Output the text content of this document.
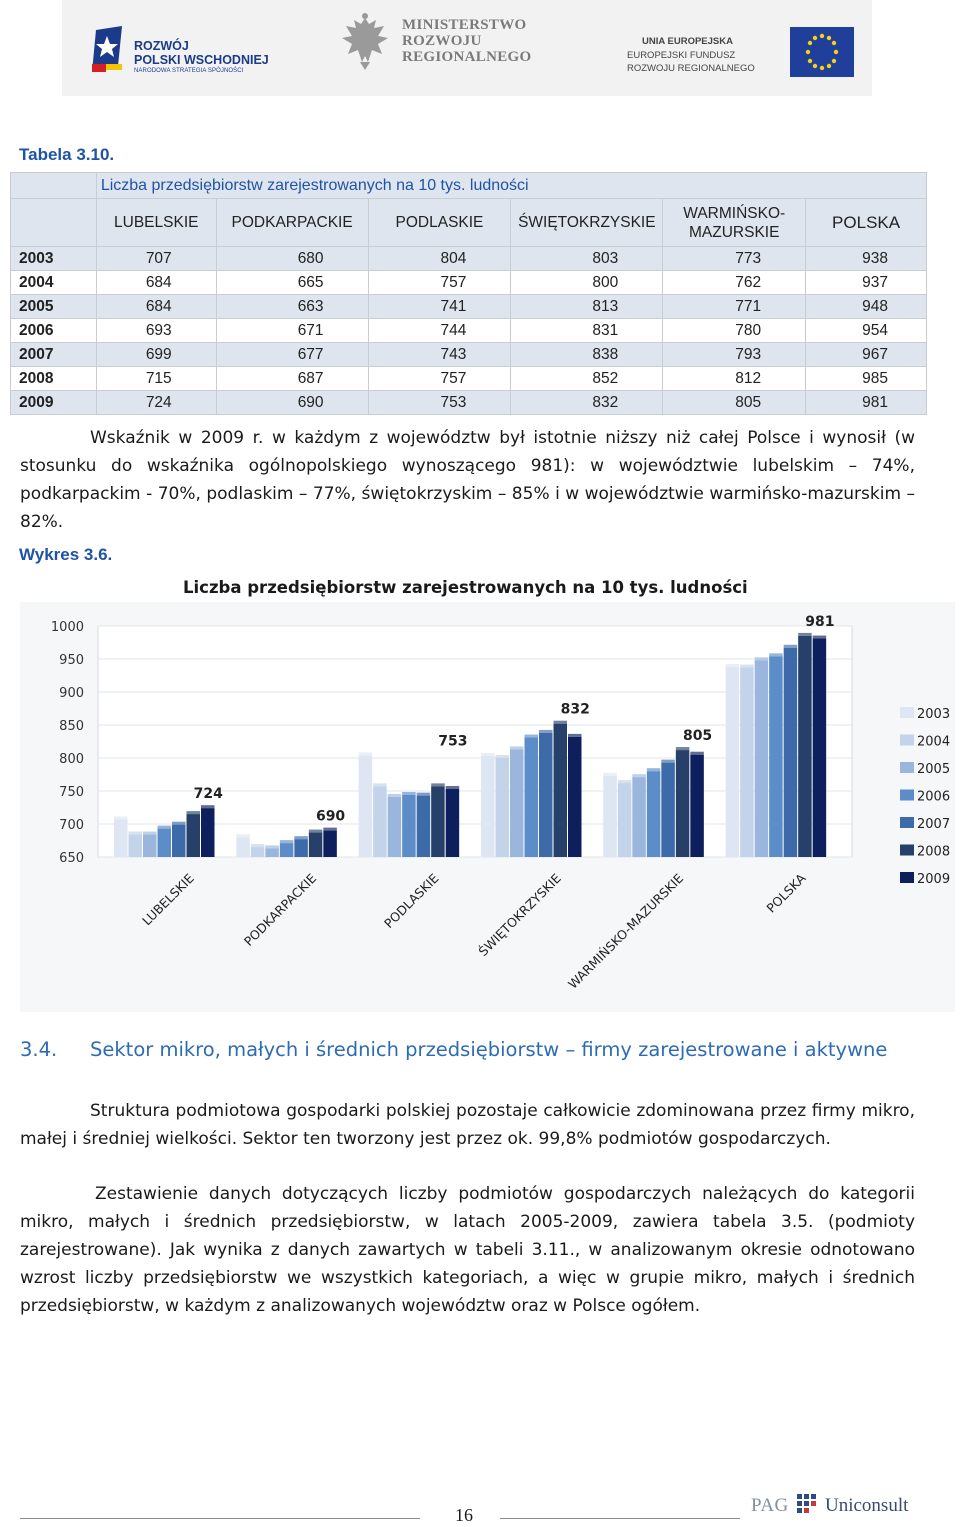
ROZWÓJ
POLSKI WSCHODNIEJ
NARODOWA STRATEGIA SPÓJNOŚCI
MINISTERSTWO
ROZWOJU
REGIONALNEGO
UNIA EUROPEJSKA
EUROPEJSKI FUNDUSZ
ROZWOJU REGIONALNEGO
Tabela 3.10.
	Liczba przedsiębiorstw zarejestrowanych na 10 tys. ludności					
	LUBELSKIE	PODKARPACKIE	PODLASKIE	ŚWIĘTOKRZYSKIE	WARMIŃSKO-
MAZURSKIE	POLSKA
2003	707	680	804	803	773	938
2004	684	665	757	800	762	937
2005	684	663	741	813	771	948
2006	693	671	744	831	780	954
2007	699	677	743	838	793	967
2008	715	687	757	852	812	985
2009	724	690	753	832	805	981
Wskaźnik w 2009 r. w każdym z województw był istotnie niższy niż całej Polsce i wynosił (w stosunku do wskaźnika ogólnopolskiego wynoszącego 981): w województwie lubelskim – 74%, podkarpackim - 70%, podlaskim – 77%, świętokrzyskim – 85% i w województwie warmińsko-mazurskim – 82%.
Wykres 3.6.
Liczba przedsiębiorstw zarejestrowanych na 10 tys. ludności
650
700
750
800
850
900
950
1000
724
LUBELSKIE
690
PODKARPACKIE
753
PODLASKIE
832
ŚWIĘTOKRZYSKIE
805
WARMIŃSKO-MAZURSKIE
981
POLSKA
2003
2004
2005
2006
2007
2008
2009
3.4. Sektor mikro, małych i średnich przedsiębiorstw – firmy zarejestrowane i aktywne
Struktura podmiotowa gospodarki polskiej pozostaje całkowicie zdominowana przez firmy mikro, małej i średniej wielkości. Sektor ten tworzony jest przez ok. 99,8% podmiotów gospodarczych.
Zestawienie danych dotyczących liczby podmiotów gospodarczych należących do kategorii mikro, małych i średnich przedsiębiorstw, w latach 2005-2009, zawiera tabela 3.5. (podmioty zarejestrowane). Jak wynika z danych zawartych w tabeli 3.11., w analizowanym okresie odnotowano wzrost liczby przedsiębiorstw we wszystkich kategoriach, a więc w grupie mikro, małych i średnich przedsiębiorstw, w każdym z analizowanych województw oraz w Polsce ogółem.
16	PAG Uniconsult
